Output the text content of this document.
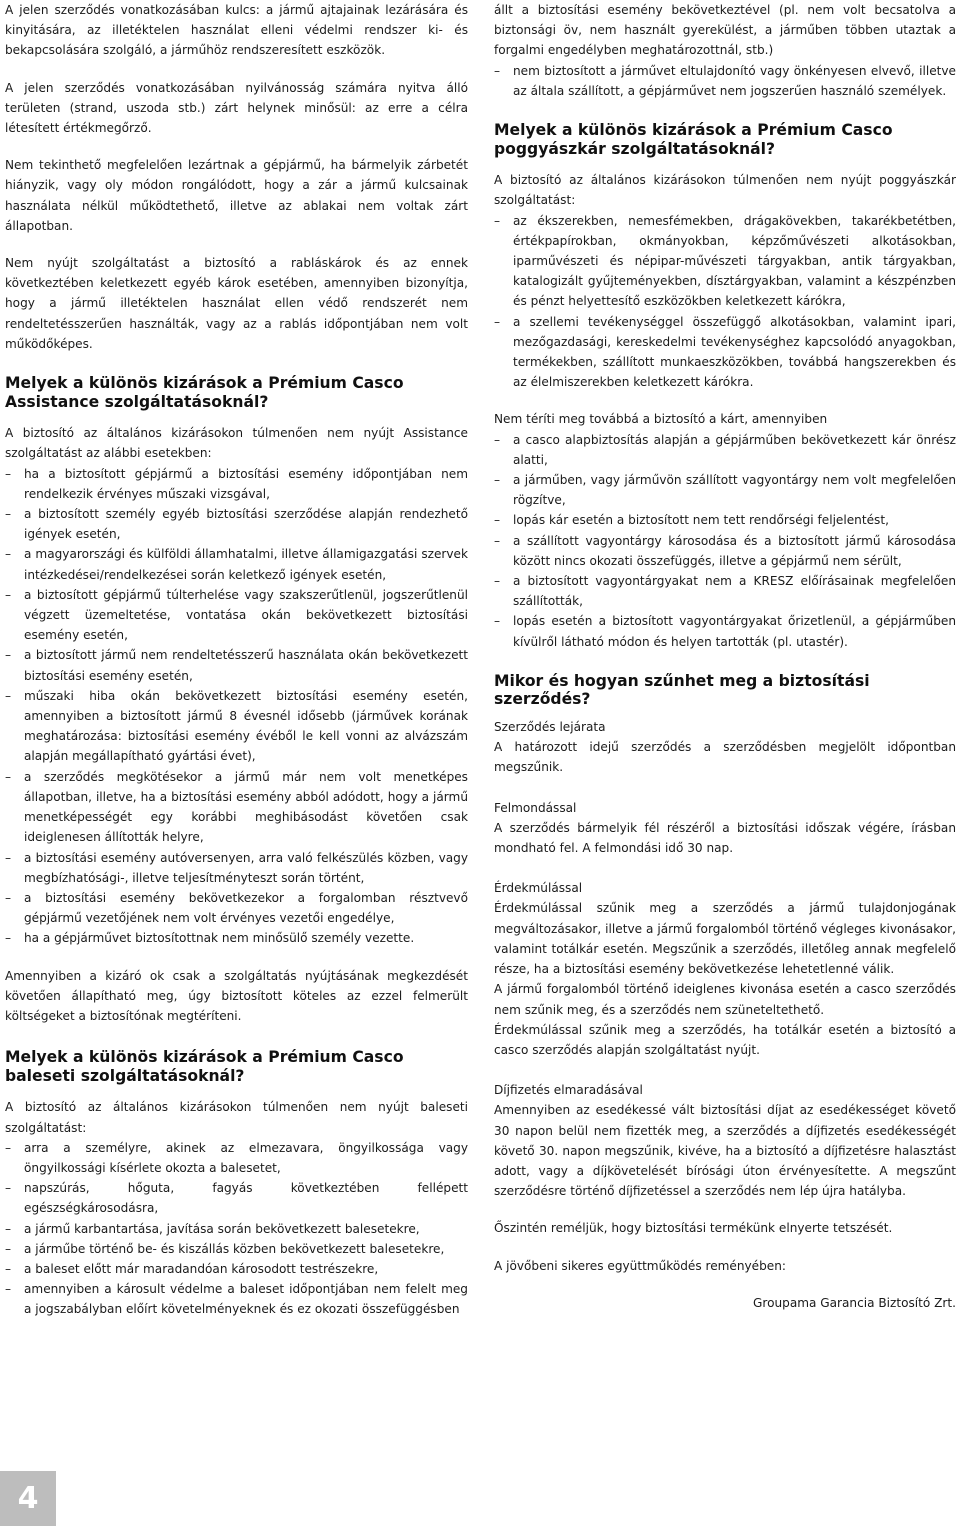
A jelen szerződés vonatkozásában kulcs: a jármű ajtajainak lezárására és kinyitására, az illetéktelen használat elleni védelmi rendszer ki- és bekapcsolására szolgáló, a járműhöz rendszeresített eszközök.

A jelen szerződés vonatkozásában nyilvánosság számára nyitva álló területen (strand, uszoda stb.) zárt helynek minősül: az erre a célra létesített értékmegőrző.

Nem tekinthető megfelelően lezártnak a gépjármű, ha bármelyik zárbetét hiányzik, vagy oly módon rongálódott, hogy a zár a jármű kulcsainak használata nélkül működtethető, illetve az ablakai nem voltak zárt állapotban.

Nem nyújt szolgáltatást a biztosító a rabláskárok és az ennek következtében keletkezett egyéb károk esetében, amennyiben bizonyítja, hogy a jármű illetéktelen használat ellen védő rendszerét nem rendeltetésszerűen használták, vagy az a rablás időpontjában nem volt működőképes.

Melyek a különös kizárások a Prémium Casco Assistance szolgáltatásoknál?

A biztosító az általános kizárásokon túlmenően nem nyújt Assistance szolgáltatást az alábbi esetekben:

– ha a biztosított gépjármű a biztosítási esemény időpontjában nem rendelkezik érvényes műszaki vizsgával,
– a biztosított személy egyéb biztosítási szerződése alapján rendezhető igények esetén,
– a magyarországi és külföldi államhatalmi, illetve államigazgatási szervek intézkedései/rendelkezései során keletkező igények esetén,
– a biztosított gépjármű túlterhelése vagy szakszerűtlenül, jogszerűtlenül végzett üzemeltetése, vontatása okán bekövetkezett biztosítási esemény esetén,
– a biztosított jármű nem rendeltetésszerű használata okán bekövetkezett biztosítási esemény esetén,
– műszaki hiba okán bekövetkezett biztosítási esemény esetén, amennyiben a biztosított jármű 8 évesnél idősebb (járművek korának meghatározása: biztosítási esemény évéből le kell vonni az alvázszám alapján megállapítható gyártási évet),
– a szerződés megkötésekor a jármű már nem volt menetképes állapotban, illetve, ha a biztosítási esemény abból adódott, hogy a jármű menetképességét egy korábbi meghibásodást követően csak ideiglenesen állították helyre,
– a biztosítási esemény autóversenyen, arra való felkészülés közben, vagy megbízhatósági-, illetve teljesítményteszt során történt,
– a biztosítási esemény bekövetkezekor a forgalomban résztvevő gépjármű vezetőjének nem volt érvényes vezetői engedélye,
– ha a gépjárművet biztosítottnak nem minősülő személy vezette.

Amennyiben a kizáró ok csak a szolgáltatás nyújtásának megkezdését követően állapítható meg, úgy biztosított köteles az ezzel felmerült költségeket a biztosítónak megtéríteni.

Melyek a különös kizárások a Prémium Casco baleseti szolgáltatásoknál?

A biztosító az általános kizárásokon túlmenően nem nyújt baleseti szolgáltatást:

– arra a személyre, akinek az elmezavara, öngyilkossága vagy öngyilkossági kísérlete okozta a balesetet,
– napszúrás, hőguta, fagyás következtében fellépett egészségkárosodásra,
– a jármű karbantartása, javítása során bekövetkezett balesetekre,
– a járműbe történő be- és kiszállás közben bekövetkezett balesetekre,
– a baleset előtt már maradandóan károsodott testrészekre,
– amennyiben a károsult védelme a baleset időpontjában nem felelt meg a jogszabályban előírt követelményeknek és ez okozati összefüggésben
állt a biztosítási esemény bekövetkeztével (pl. nem volt becsatolva a biztonsági öv, nem használt gyerekülést, a járműben többen utaztak a forgalmi engedélyben meghatározottnál, stb.)
– nem biztosított a járművet eltulajdonító vagy önkényesen elvevő, illetve az általa szállított, a gépjárművet nem jogszerűen használó személyek.
Melyek a különös kizárások a Prémium Casco poggyászkár szolgáltatásoknál?

A biztosító az általános kizárásokon túlmenően nem nyújt poggyászkár szolgáltatást:

– az ékszerekben, nemesfémekben, drágakövekben, takarékbetétben, értékpapírokban, okmányokban, képzőművészeti alkotásokban, iparművészeti és népipar-művészeti tárgyakban, antik tárgyakban, katalogizált gyűjteményekben, dísztárgyakban, valamint a készpénzben és pénzt helyettesítő eszközökben keletkezett kárókra,
– a szellemi tevékenységgel összefüggő alkotásokban, valamint ipari, mezőgazdasági, kereskedelmi tevékenységhez kapcsolódó anyagokban, termékekben, szállított munkaeszközökben, továbbá hangszerekben és az élelmiszerekben keletkezett kárókra.

Nem téríti meg továbbá a biztosító a kárt, amennyiben

– a casco alapbiztosítás alapján a gépjárműben bekövetkezett kár önrész alatti,
– a járműben, vagy járművön szállított vagyontárgy nem volt megfelelően rögzítve,
– lopás kár esetén a biztosított nem tett rendőrségi feljelentést,
– a szállított vagyontárgy károsodása és a biztosított jármű károsodása között nincs okozati összefüggés, illetve a gépjármű nem sérült,
– a biztosított vagyontárgyakat nem a KRESZ előírásainak megfelelően szállították,
– lopás esetén a biztosított vagyontárgyakat őrizetlenül, a gépjárműben kívülről látható módon és helyen tartották (pl. utastér).
Mikor és hogyan szűnhet meg a biztosítási szerződés?

Szerződés lejárata

A határozott idejű szerződés a szerződésben megjelölt időpontban megszűnik.

Felmondással

A szerződés bármelyik fél részéről a biztosítási időszak végére, írásban mondható fel. A felmondási idő 30 nap.

Érdekmúlással

Érdekmúlással szűnik meg a szerződés a jármű tulajdonjogának megváltozásakor, illetve a jármű forgalomból történő végleges kivonásakor, valamint totálkár esetén. Megszűnik a szerződés, illetőleg annak megfelelő része, ha a biztosítási esemény bekövetkezése lehetetlenné válik.

A jármű forgalomból történő ideiglenes kivonása esetén a casco szerződés nem szűnik meg, és a szerződés nem szüneteltethető.

Érdekmúlással szűnik meg a szerződés, ha totálkár esetén a biztosító a casco szerződés alapján szolgáltatást nyújt.

Díjfizetés elmaradásával

Amennyiben az esedékessé vált biztosítási díjat az esedékességet követő 30 napon belül nem fizették meg, a szerződés a díjfizetés esedékességét követő 30. napon megszűnik, kivéve, ha a biztosító a díjfizetésre halasztást adott, vagy a díjkövetelését bírósági úton érvényesítette. A megszűnt szerződésre történő díjfizetéssel a szerződés nem lép újra hatályba.

Őszintén reméljük, hogy biztosítási termékünk elnyerte tetszését.

A jövőbeni sikeres együttműködés reményében:

Groupama Garancia Biztosító Zrt.

4
